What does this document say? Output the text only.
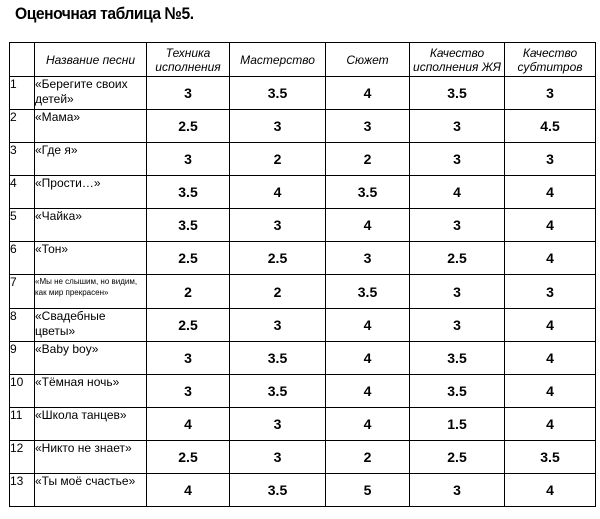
Оценочная таблица №5.
	Название песни	Техника исполнения	Мастерство	Сюжет	Качество исполнения ЖЯ	Качество субтитров
1	«Берегите своих детей»	3	3.5	4	3.5	3
2	«Мама»	2.5	3	3	3	4.5
3	«Где я»	3	2	2	3	3
4	«Прости…»	3.5	4	3.5	4	4
5	«Чайка»	3.5	3	4	3	4
6	«Тон»	2.5	2.5	3	2.5	4
7	«Мы не слышим, но видим, как мир прекрасен»	2	2	3.5	3	3
8	«Свадебные цветы»	2.5	3	4	3	4
9	«Baby boy»	3	3.5	4	3.5	4
10	«Тёмная ночь»	3	3.5	4	3.5	4
11	«Школа танцев»	4	3	4	1.5	4
12	«Никто не знает»	2.5	3	2	2.5	3.5
13	«Ты моё счастье»	4	3.5	5	3	4
